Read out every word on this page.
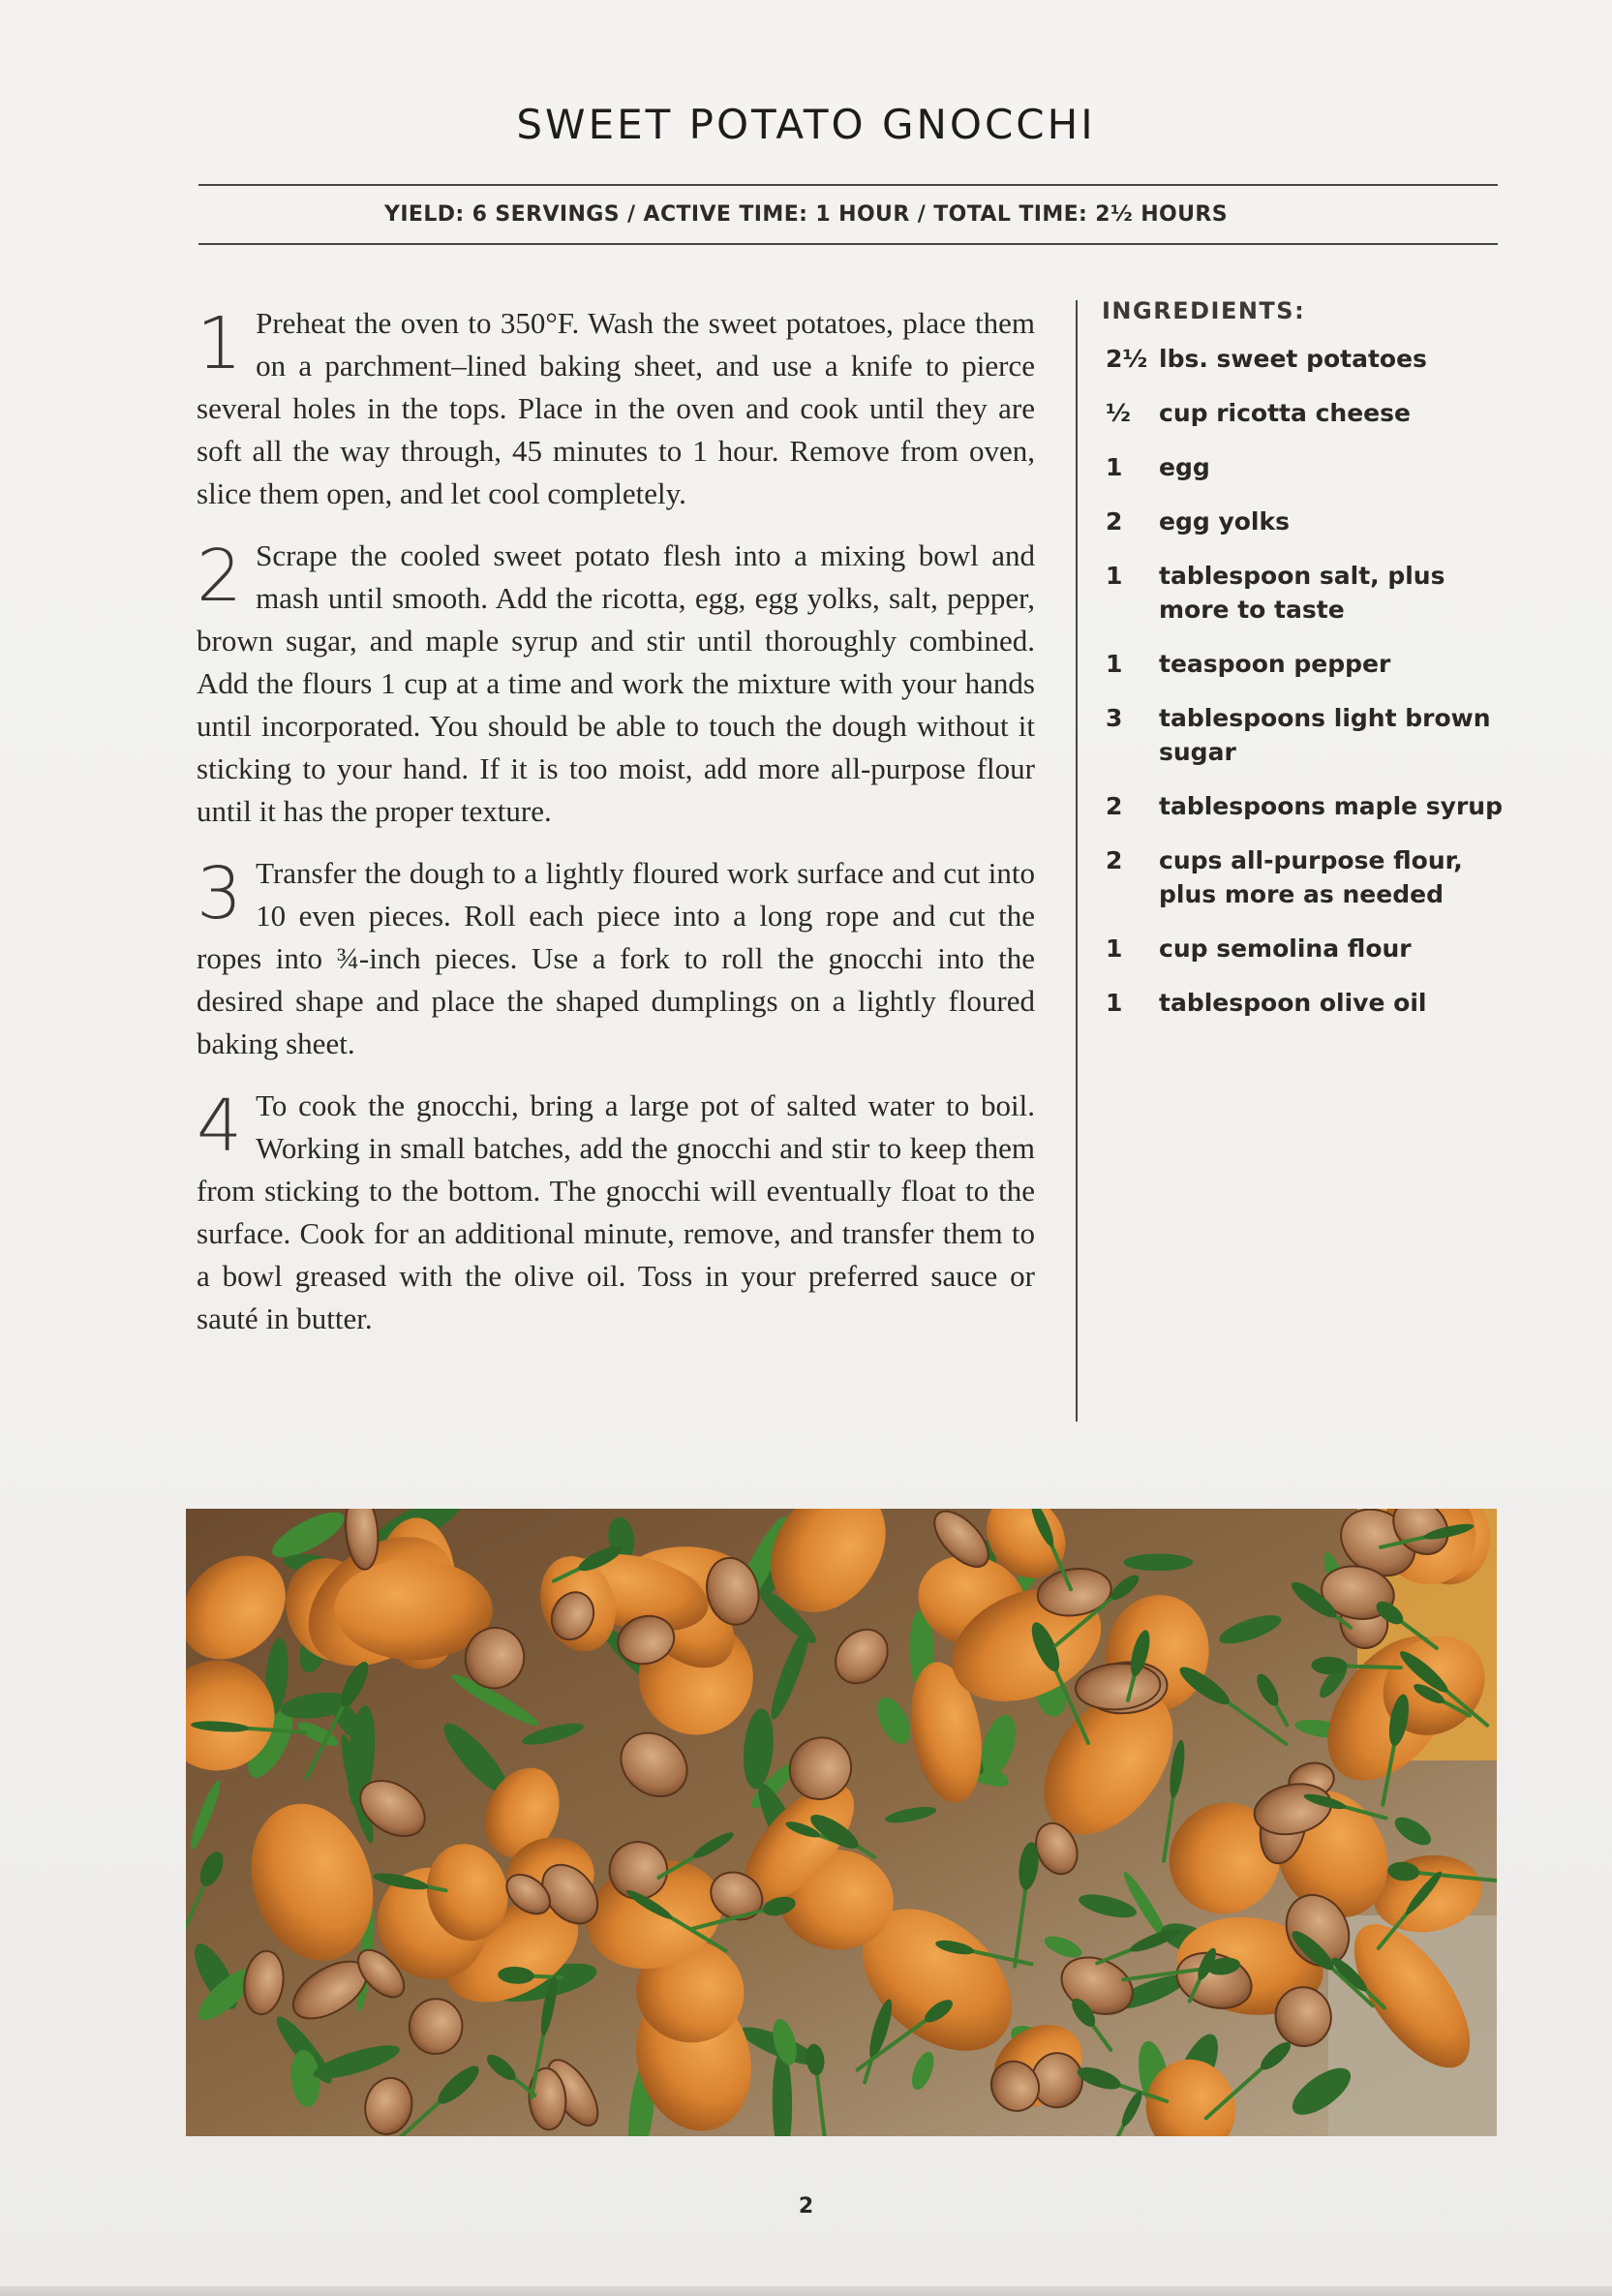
SWEET POTATO GNOCCHI
YIELD: 6 SERVINGS / ACTIVE TIME: 1 HOUR / TOTAL TIME: 2½ HOURS
1 Preheat the oven to 350°F. Wash the sweet potatoes, place them on a parchment–lined baking sheet, and use a knife to pierce several holes in the tops. Place in the oven and cook until they are soft all the way through, 45 minutes to 1 hour. Remove from oven, slice them open, and let cool completely.
2 Scrape the cooled sweet potato flesh into a mixing bowl and mash until smooth. Add the ricotta, egg, egg yolks, salt, pepper, brown sugar, and maple syrup and stir until thoroughly combined. Add the flours 1 cup at a time and work the mixture with your hands until incorporated. You should be able to touch the dough without it sticking to your hand. If it is too moist, add more all-purpose flour until it has the proper texture.
3 Transfer the dough to a lightly floured work surface and cut into 10 even pieces. Roll each piece into a long rope and cut the ropes into ¾-inch pieces. Use a fork to roll the gnocchi into the desired shape and place the shaped dumplings on a lightly floured baking sheet.
4 To cook the gnocchi, bring a large pot of salted water to boil. Working in small batches, add the gnocchi and stir to keep them from sticking to the bottom. The gnocchi will eventually float to the surface. Cook for an additional minute, remove, and transfer them to a bowl greased with the olive oil. Toss in your preferred sauce or sauté in butter.
INGREDIENTS:
2½ lbs. sweet potatoes
½	cup ricotta cheese
1	egg
2	egg yolks
1	tablespoon salt, plus more to taste
1	teaspoon pepper
3	tablespoons light brown sugar
2	tablespoons maple syrup
2	cups all-purpose flour, plus more as needed
1	cup semolina flour
1	tablespoon olive oil
2
